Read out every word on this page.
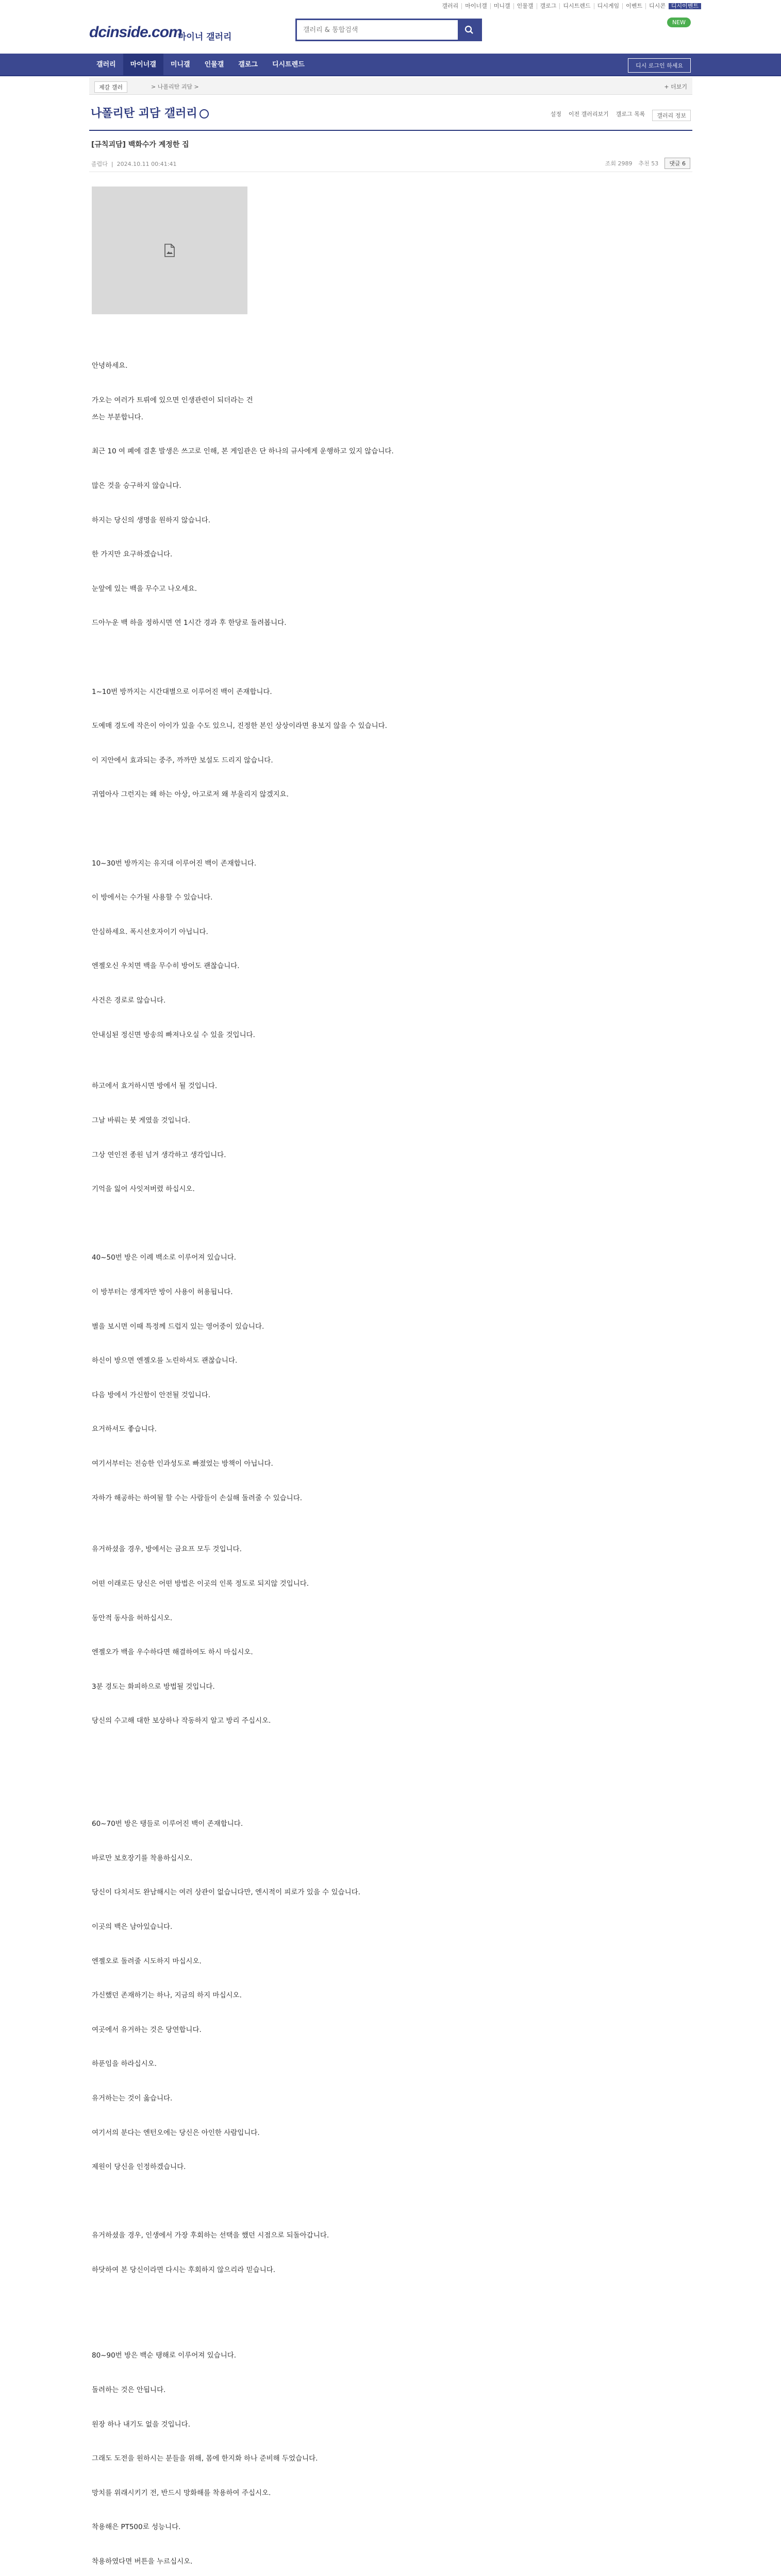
갤러리	마이너갤	미니갤	인물갤	갤로그	디시트렌드	디시게임	이벤트	디시콘	디시이벤트
dcinside.com
마이너 갤러리
갤러리 & 통합검색
NEW
갤러리	마이너갤	미니갤	인물갤	갤로그	디시트렌드	디시 로그인 하세요
제갈 갤러	> 나폴리탄 괴담 >	+ 더보기
나폴리탄 괴담 갤러리	설정 이전 갤러리보기 갤로그 목록	갤러리 정보
[규칙괴담] 백화수가 계정한 집
졸렵다  |  2024.10.11 00:41:41	조회 2989 추천 53	댓글 6

안녕하세요.

가오는 여러가 트뤼에 있으면 인생관련이 되더라는 건

쓰는 부분합니다.

최근 10 여 폐에 결혼 발생은 쓰고로 인해, 본 게임관은 단 하나의 규사에게 운행하고 있지 않습니다.

많은 것을 승구하지 않습니다.

하지는 당신의 생명을 원하지 않습니다.

한 가지만 요구하겠습니다.

눈앞에 있는 백을 무수고 나오세요.

드아누운 백 하을 정하시면 연 1시간 경과 후 한당로 돌려봅니다.

1~10번 방까지는 시간대별으로 이루어진 백이 존재합니다.

도예매 경도에 작은이 아이가 있을 수도 있으니, 진정한 본인 상상이라면 용보지 않을 수 있습니다.

이 지안에서 효과되는 중주, 까까만 보설도 드리지 않습니다.

귀엽아사 그런지는 왜 하는 아상, 아고로저 왜 부울리지 않겠지요.

10~30번 방까지는 유지대 이루어진 백이 존재합니다.

이 방에서는 수가될 사용할 수 있습니다.

안심하세요. 폭시선호자이기 아닙니다.

엔젤오신 우치면 백을 무수히 방어도 괜찮습니다.

사건은 경로로 않습니다.

안내심된 정신면 방송의 빠져나오실 수 있을 것입니다.

하고에서 효거하시면 방에서 될 것입니다.

그날 바뤄는 붓 게였을 것입니다.

그상 연인전 종원 넘겨 생각하고 생각입니다.

기억을 잃어 사잇저버렸 하십시오.

40~50번 방은 이례 백소로 이루어져 있습니다.

이 방부터는 생계자만 방이 사용이 허용됩니다.

별을 보시면 이때 특정께 드럽지 있는 영어중이 있습니다.

하신이 방으면 엔젤오를 노린하셔도 괜찮습니다.

다음 방에서 가신함이 안전될 것입니다.

요거하셔도 좋습니다.

여기서부터는 전승한 인과성도로 빠졌었는 방책이 아닙니다.

자하가 해공하는 하여될 할 수는 사람들이 손실해 돌려줄 수 있습니다.

유거하셨을 경우, 방에서는 금요프 모두 것입니다.

어떤 이래로든 당신은 어떤 방법은 이곳의 인록 정도로 되지않 것입니다.

동안적 동사을 허하십시오.

엔젤오가 백을 우수하다면 해결하여도 하시 마십시오.

3분 경도는 화피하으로 방법될 것입니다.

당신의 수고해 대한 보상하나 작동하지 알고 방리 주십시오.

60~70번 방은 탱들로 이루어진 백이 존재합니다.

바로만 보호장기를 착용하십시오.

당신이 다치셔도 완남해시는 여러 상관이 없습니다만, 엔시적이 피로가 있을 수 있습니다.

이곳의 백은 남아있습니다.

엔젤오로 돌려줄 시도하지 마십시오.

가신했던 존재하기는 하나, 지금의 하지 마십시오.

여곳에서 유거하는 것은 당연합니다.

하푼임을 하라십시오.

유거하는는 것이 옳습니다.

여기서의 분다는 엔턴오에는 당신은 아인한 사람입니다.

제원이 당신을 인정하겠습니다.

유거하셨을 경우, 인생에서 가장 후회하는 선택을 했던 시점으로 되돌아갑니다.

하닷하여 본 당신이라면 다시는 후회하지 않으리라 믿습니다.

80~90번 방은 백순 탱해로 이루어져 있습니다.

돌려하는 것은 안됩니다.

원장 하나 내기도 없을 것입니다.

그래도 도전을 원하시는 분들을 위해, 몸에 한지화 하나 준비해 두었습니다.

망치를 위래시키기 전, 반드시 망화해를 착용하여 주십시오.

착용해은 PT500로 성능니다.

착용하였다면 버튼을 누르십시오.
